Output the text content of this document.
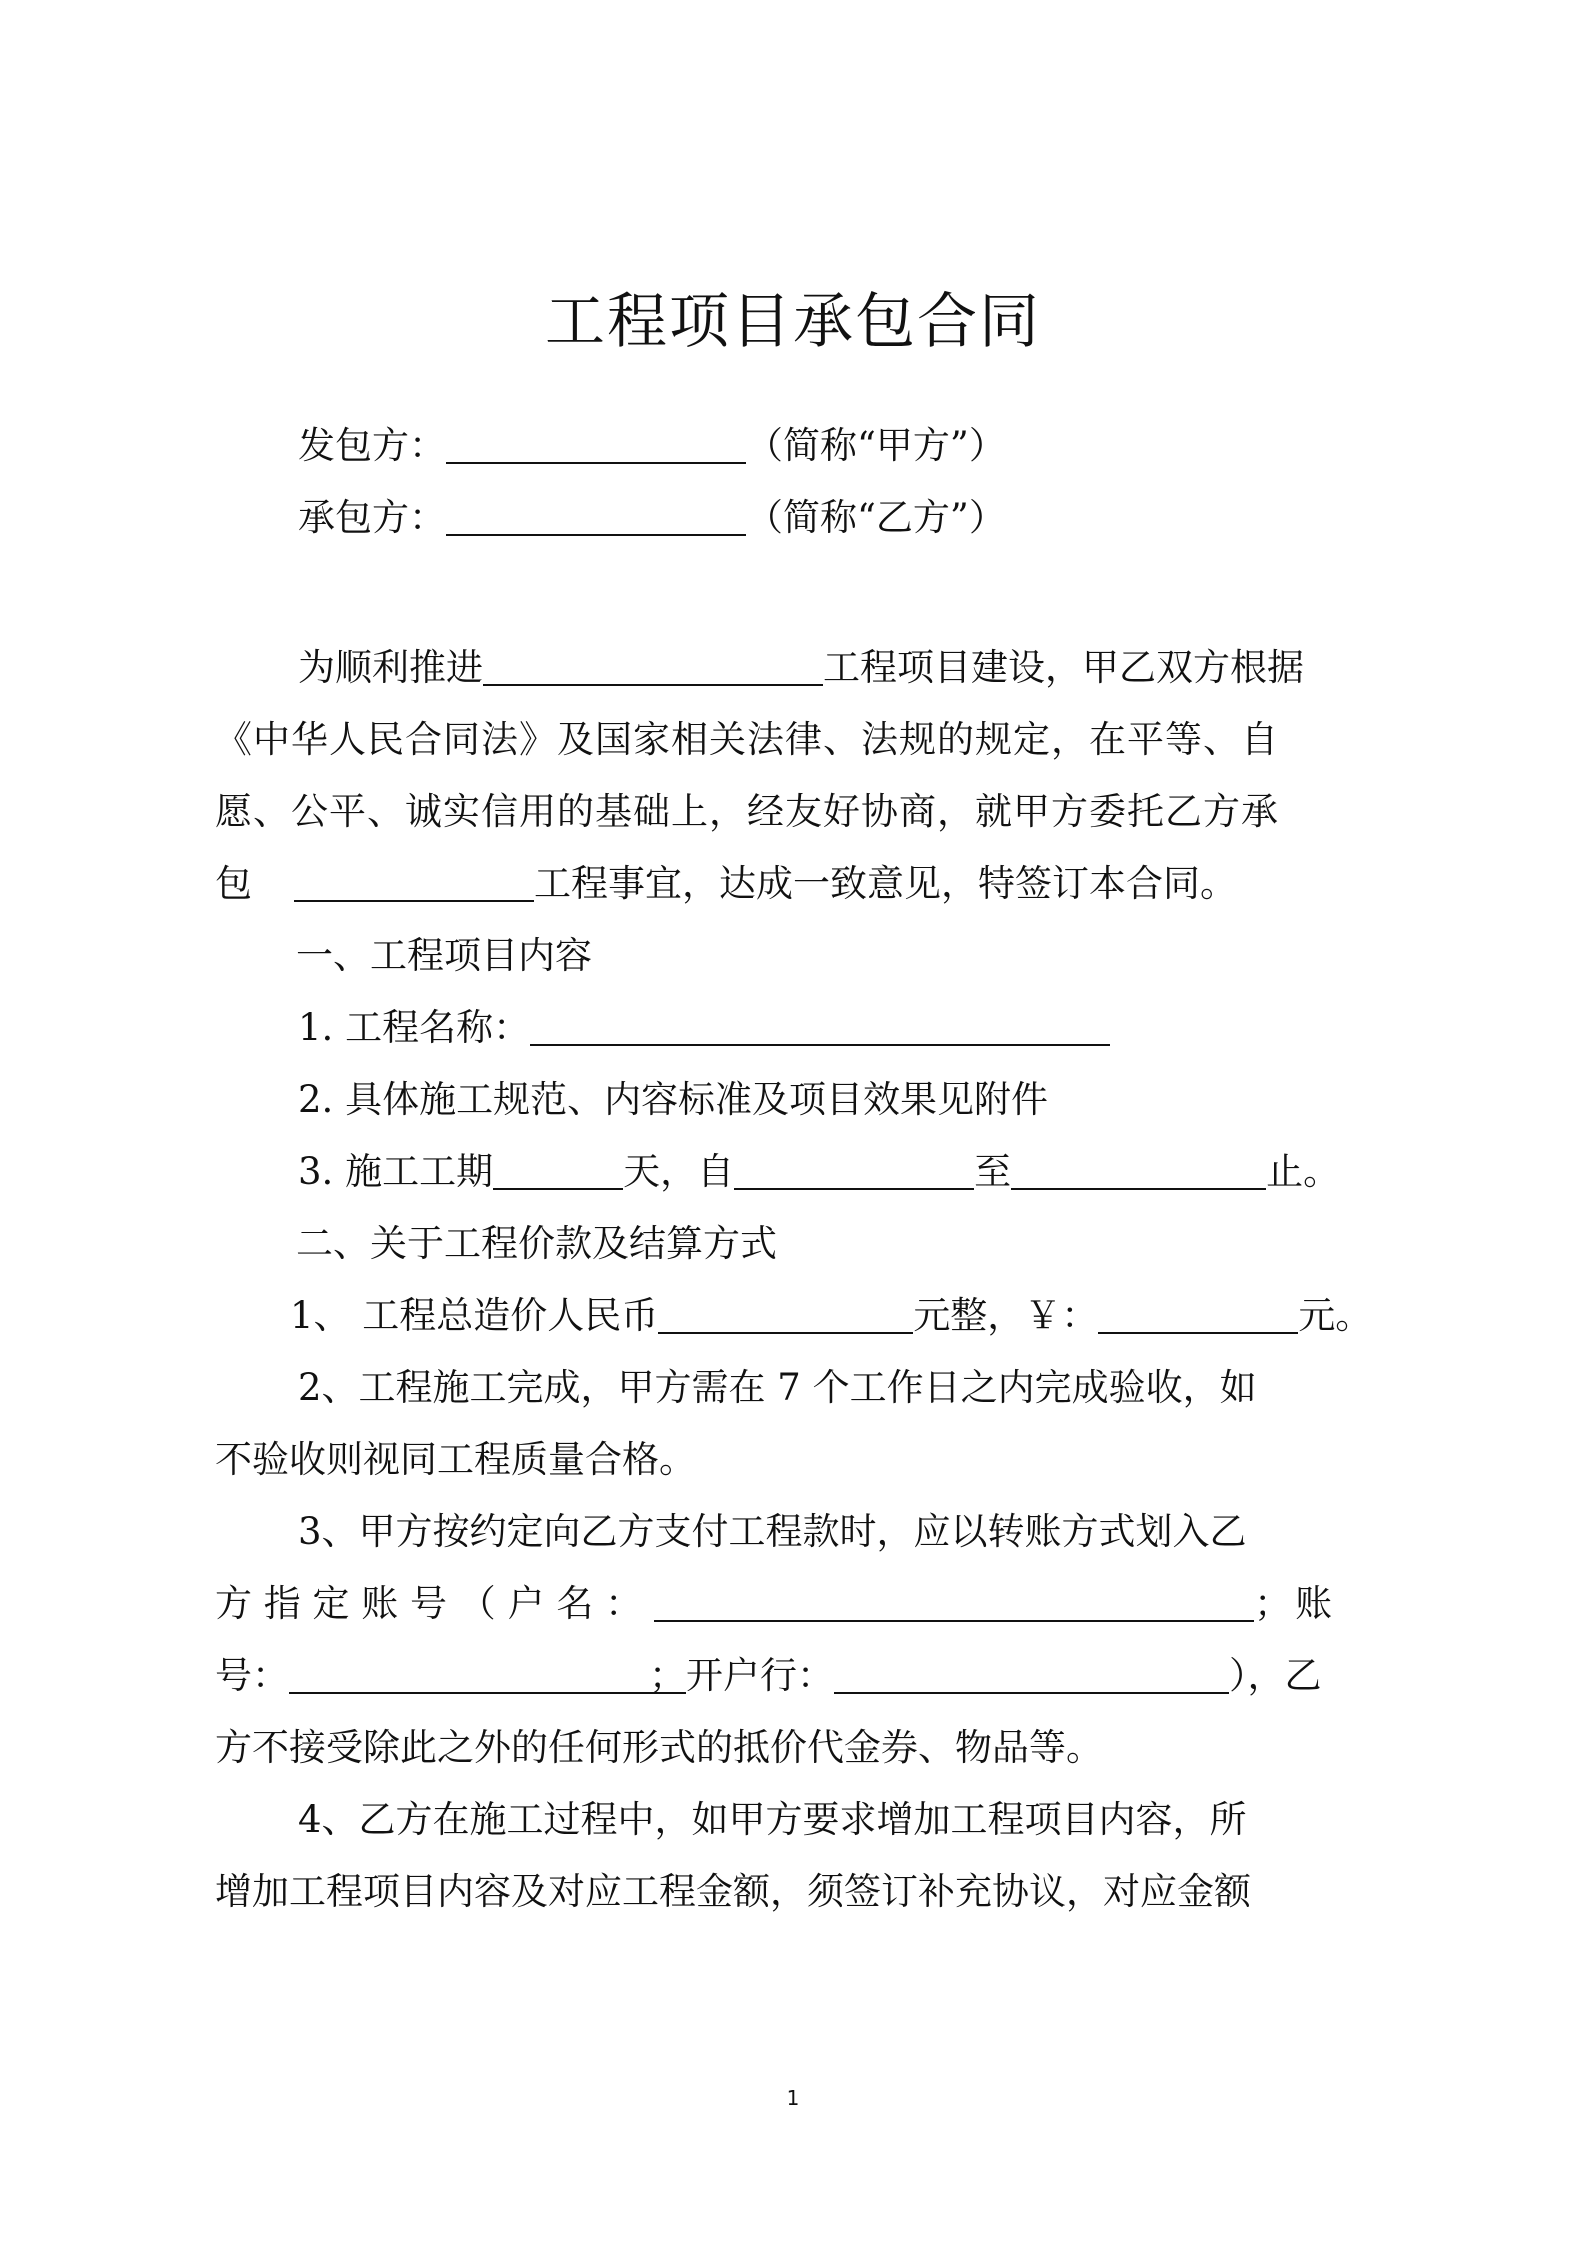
工程项目承包合同
发包方：	（简称“甲方”）
承包方：	（简称“乙方”）
为顺利推进	工程项目建设，甲乙双方根据
《中华人民合同法》及国家相关法律、法规的规定，在平等、自
愿、公平、诚实信用的基础上，经友好协商，就甲方委托乙方承
包	工程事宜，达成一致意见，特签订本合同。
一、工程项目内容
1. 工程名称：
2. 具体施工规范、内容标准及项目效果见附件
3. 施工工期	天，自	至	止。
二、关于工程价款及结算方式
1、 工程总造价人民币	元整，￥：	元。
2、工程施工完成，甲方需在 7 个工作日之内完成验收，如
不验收则视同工程质量合格。
3、甲方按约定向乙方支付工程款时，应以转账方式划入乙
方 指 定 账 号 （ 户 名 ：	； 账
号：	；开户行：	），乙
方不接受除此之外的任何形式的抵价代金券、物品等。
4、乙方在施工过程中，如甲方要求增加工程项目内容，所
增加工程项目内容及对应工程金额，须签订补充协议，对应金额
1
